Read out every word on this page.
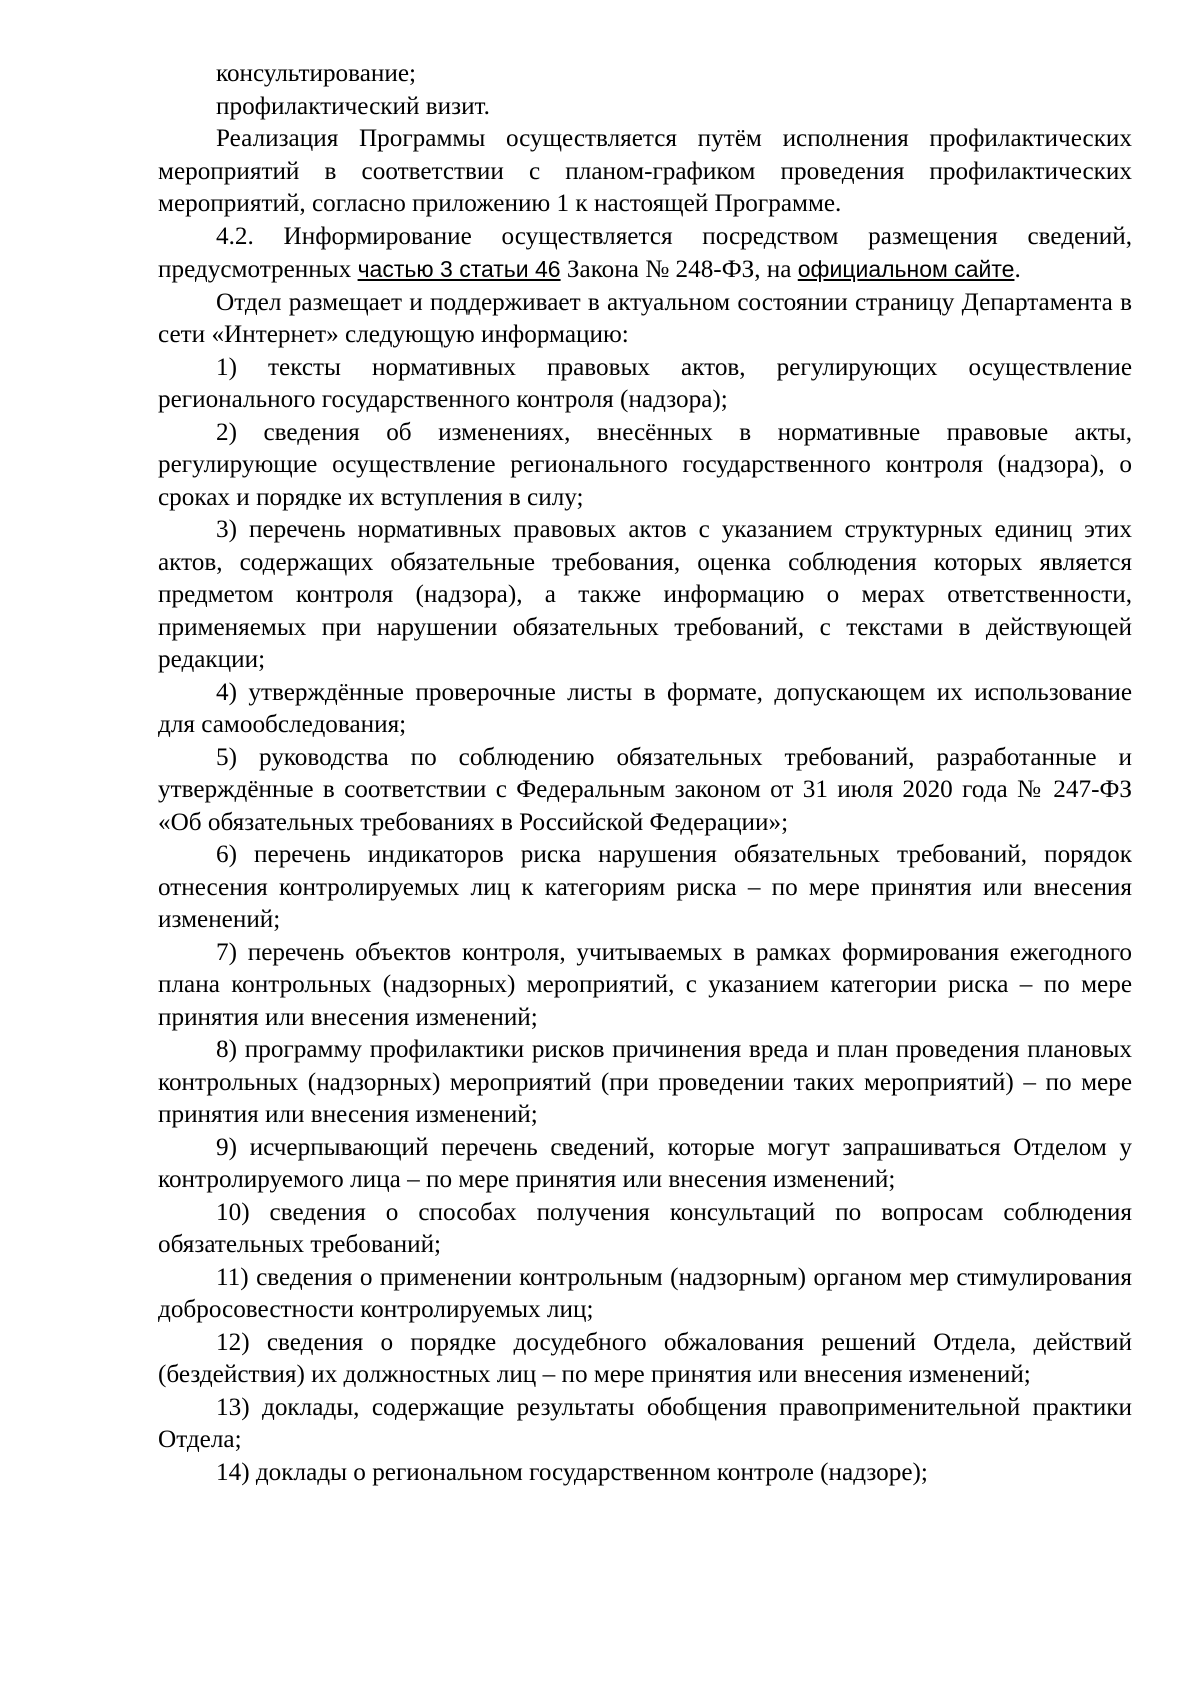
консультирование;

профилактический визит.

Реализация Программы осуществляется путём исполнения профилактических мероприятий в соответствии с планом-графиком проведения профилактических мероприятий, согласно приложению 1 к настоящей Программе.

4.2. Информирование осуществляется посредством размещения сведений, предусмотренных частью 3 статьи 46 Закона № 248-ФЗ, на официальном сайте.

Отдел размещает и поддерживает в актуальном состоянии страницу Департамента в сети «Интернет» следующую информацию:

1) тексты нормативных правовых актов, регулирующих осуществление регионального государственного контроля (надзора);

2) сведения об изменениях, внесённых в нормативные правовые акты, регулирующие осуществление регионального государственного контроля (надзора), о сроках и порядке их вступления в силу;

3) перечень нормативных правовых актов с указанием структурных единиц этих актов, содержащих обязательные требования, оценка соблюдения которых является предметом контроля (надзора), а также информацию о мерах ответственности, применяемых при нарушении обязательных требований, с текстами в действующей редакции;

4) утверждённые проверочные листы в формате, допускающем их использование для самообследования;

5) руководства по соблюдению обязательных требований, разработанные и утверждённые в соответствии с Федеральным законом от 31 июля 2020 года № 247-ФЗ «Об обязательных требованиях в Российской Федерации»;

6) перечень индикаторов риска нарушения обязательных требований, порядок отнесения контролируемых лиц к категориям риска – по мере принятия или внесения изменений;

7) перечень объектов контроля, учитываемых в рамках формирования ежегодного плана контрольных (надзорных) мероприятий, с указанием категории риска – по мере принятия или внесения изменений;

8) программу профилактики рисков причинения вреда и план проведения плановых контрольных (надзорных) мероприятий (при проведении таких мероприятий) – по мере принятия или внесения изменений;

9) исчерпывающий перечень сведений, которые могут запрашиваться Отделом у контролируемого лица – по мере принятия или внесения изменений;

10) сведения о способах получения консультаций по вопросам соблюдения обязательных требований;

11) сведения о применении контрольным (надзорным) органом мер стимулирования добросовестности контролируемых лиц;

12) сведения о порядке досудебного обжалования решений Отдела, действий (бездействия) их должностных лиц – по мере принятия или внесения изменений;

13) доклады, содержащие результаты обобщения правоприменительной практики Отдела;

14) доклады о региональном государственном контроле (надзоре);
